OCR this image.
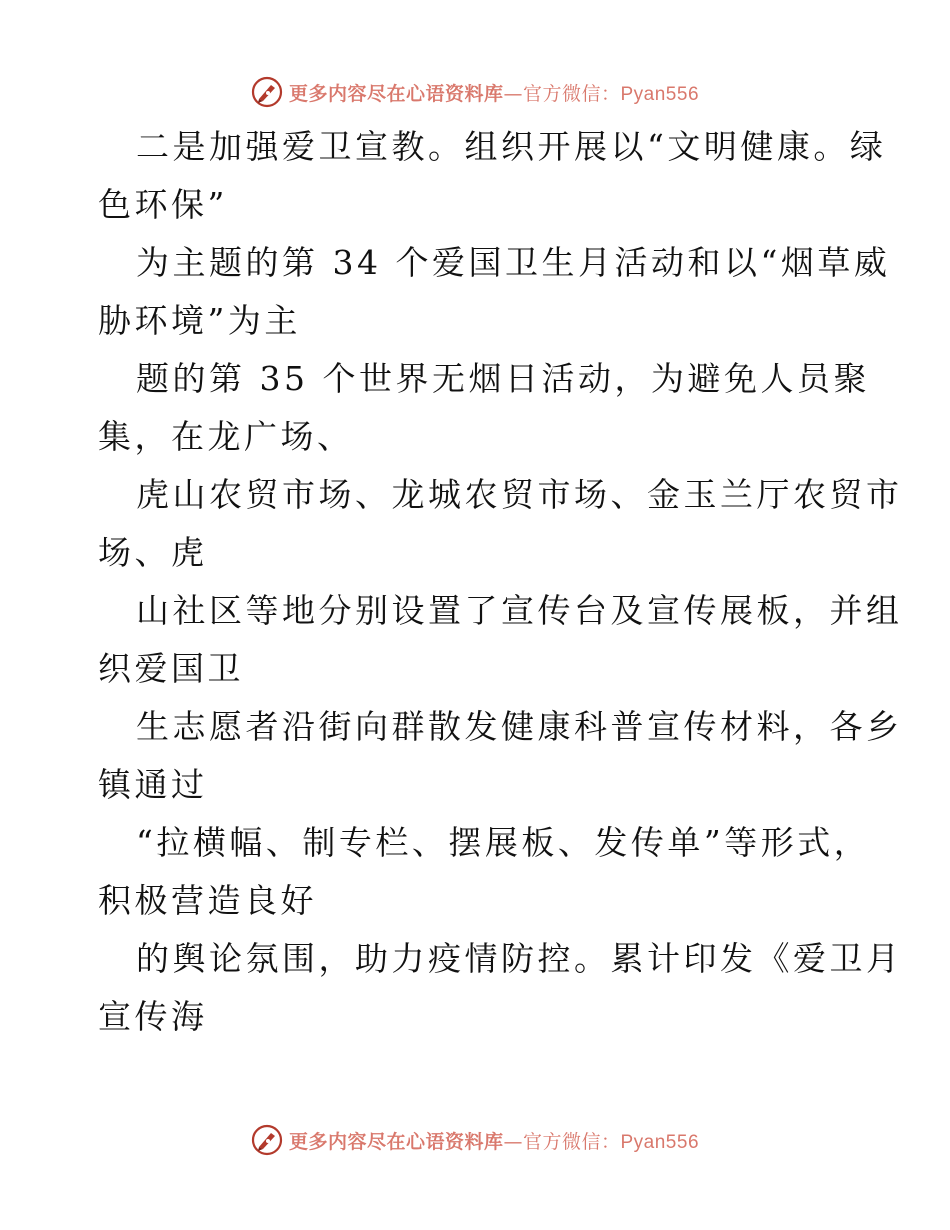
更多内容尽在心语资料库—官方微信：Pyan556
二是加强爱卫宣教。组织开展以“文明健康。绿
色环保”
为主题的第 34 个爱国卫生月活动和以“烟草威
胁环境”为主
题的第 35 个世界无烟日活动，为避免人员聚
集，在龙广场、
虎山农贸市场、龙城农贸市场、金玉兰厅农贸市
场、虎
山社区等地分别设置了宣传台及宣传展板，并组
织爱国卫
生志愿者沿街向群散发健康科普宣传材料，各乡
镇通过
“拉横幅、制专栏、摆展板、发传单”等形式，
积极营造良好
的舆论氛围，助力疫情防控。累计印发《爱卫月
宣传海
更多内容尽在心语资料库—官方微信：Pyan556
